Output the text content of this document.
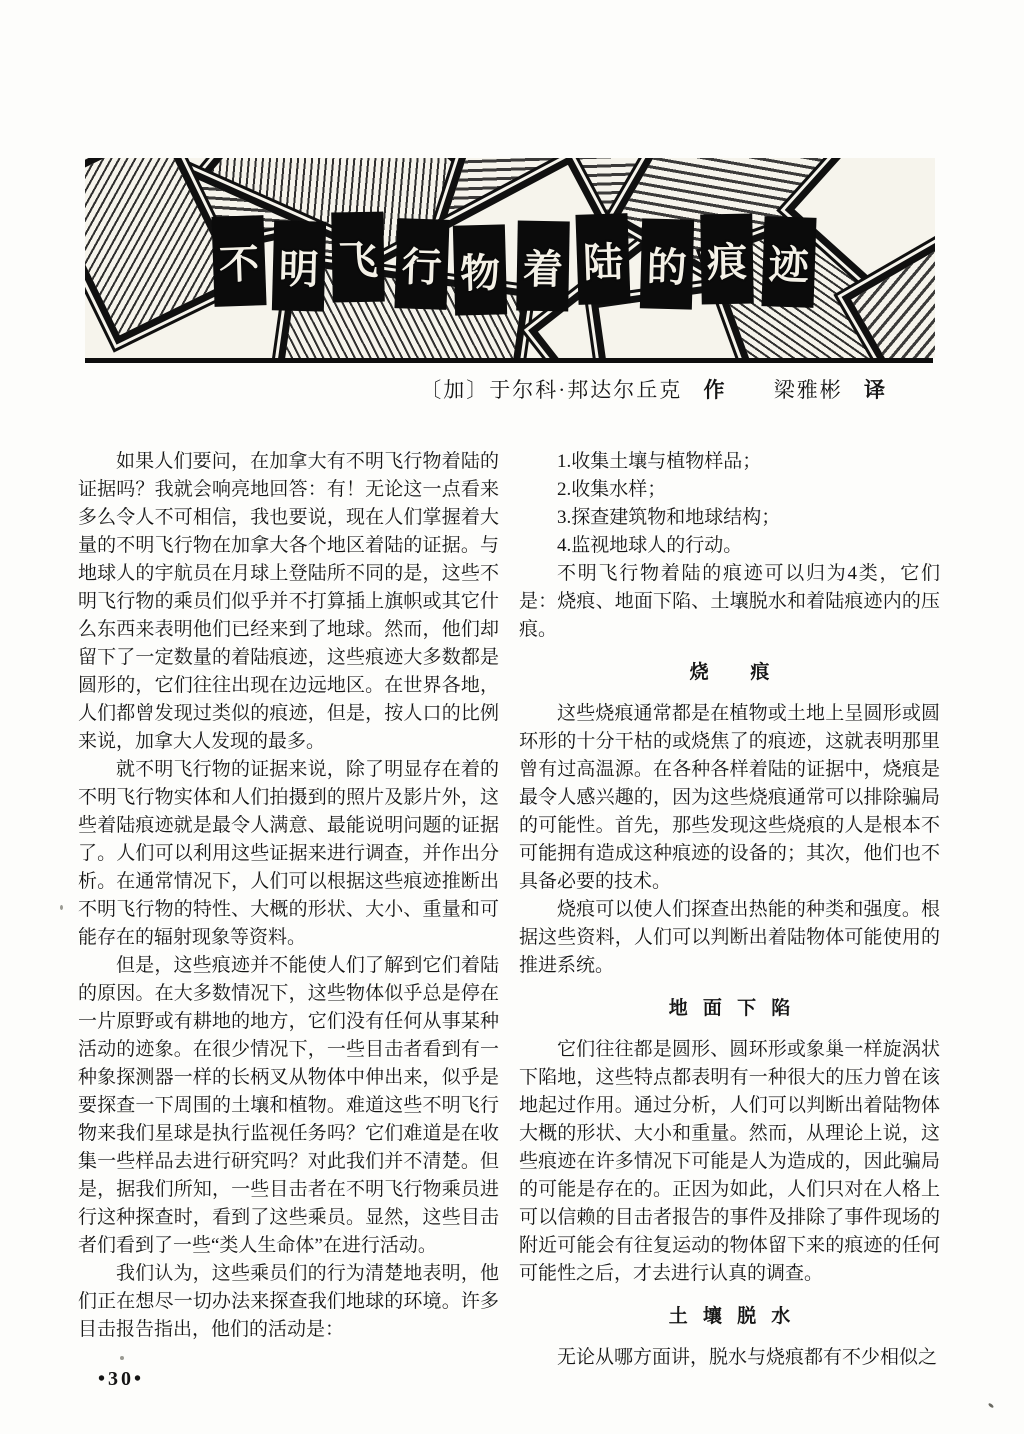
不 明 飞 行 物 着 陆 的 痕 迹
〔加〕于尔科·邦达尔丘克 作 梁雅彬 译

如果人们要问，在加拿大有不明飞行物着陆的证据吗？我就会响亮地回答：有！无论这一点看来多么令人不可相信，我也要说，现在人们掌握着大量的不明飞行物在加拿大各个地区着陆的证据。与地球人的宇航员在月球上登陆所不同的是，这些不明飞行物的乘员们似乎并不打算插上旗帜或其它什么东西来表明他们已经来到了地球。然而，他们却留下了一定数量的着陆痕迹，这些痕迹大多数都是圆形的，它们往往出现在边远地区。在世界各地，人们都曾发现过类似的痕迹，但是，按人口的比例来说，加拿大人发现的最多。

就不明飞行物的证据来说，除了明显存在着的不明飞行物实体和人们拍摄到的照片及影片外，这些着陆痕迹就是最令人满意、最能说明问题的证据了。人们可以利用这些证据来进行调查，并作出分析。在通常情况下，人们可以根据这些痕迹推断出不明飞行物的特性、大概的形状、大小、重量和可能存在的辐射现象等资料。

但是，这些痕迹并不能使人们了解到它们着陆的原因。在大多数情况下，这些物体似乎总是停在一片原野或有耕地的地方，它们没有任何从事某种活动的迹象。在很少情况下，一些目击者看到有一种象探测器一样的长柄叉从物体中伸出来，似乎是要探查一下周围的土壤和植物。难道这些不明飞行物来我们星球是执行监视任务吗？它们难道是在收集一些样品去进行研究吗？对此我们并不清楚。但是，据我们所知，一些目击者在不明飞行物乘员进行这种探查时，看到了这些乘员。显然，这些目击者们看到了一些“类人生命体”在进行活动。

我们认为，这些乘员们的行为清楚地表明，他们正在想尽一切办法来探查我们地球的环境。许多目击报告指出，他们的活动是：

1.收集土壤与植物样品；
2.收集水样；
3.探查建筑物和地球结构；
4.监视地球人的行动。

不明飞行物着陆的痕迹可以归为4类，它们是：烧痕、地面下陷、土壤脱水和着陆痕迹内的压痕。

烧痕

这些烧痕通常都是在植物或土地上呈圆形或圆环形的十分干枯的或烧焦了的痕迹，这就表明那里曾有过高温源。在各种各样着陆的证据中，烧痕是最令人感兴趣的，因为这些烧痕通常可以排除骗局的可能性。首先，那些发现这些烧痕的人是根本不可能拥有造成这种痕迹的设备的；其次，他们也不具备必要的技术。

烧痕可以使人们探查出热能的种类和强度。根据这些资料，人们可以判断出着陆物体可能使用的推进系统。

地面下陷

它们往往都是圆形、圆环形或象巢一样旋涡状下陷地，这些特点都表明有一种很大的压力曾在该地起过作用。通过分析，人们可以判断出着陆物体大概的形状、大小和重量。然而，从理论上说，这些痕迹在许多情况下可能是人为造成的，因此骗局的可能是存在的。正因为如此，人们只对在人格上可以信赖的目击者报告的事件及排除了事件现场的附近可能会有往复运动的物体留下来的痕迹的任何可能性之后，才去进行认真的调查。

土壤脱水

无论从哪方面讲，脱水与烧痕都有不少相似之

•30•
